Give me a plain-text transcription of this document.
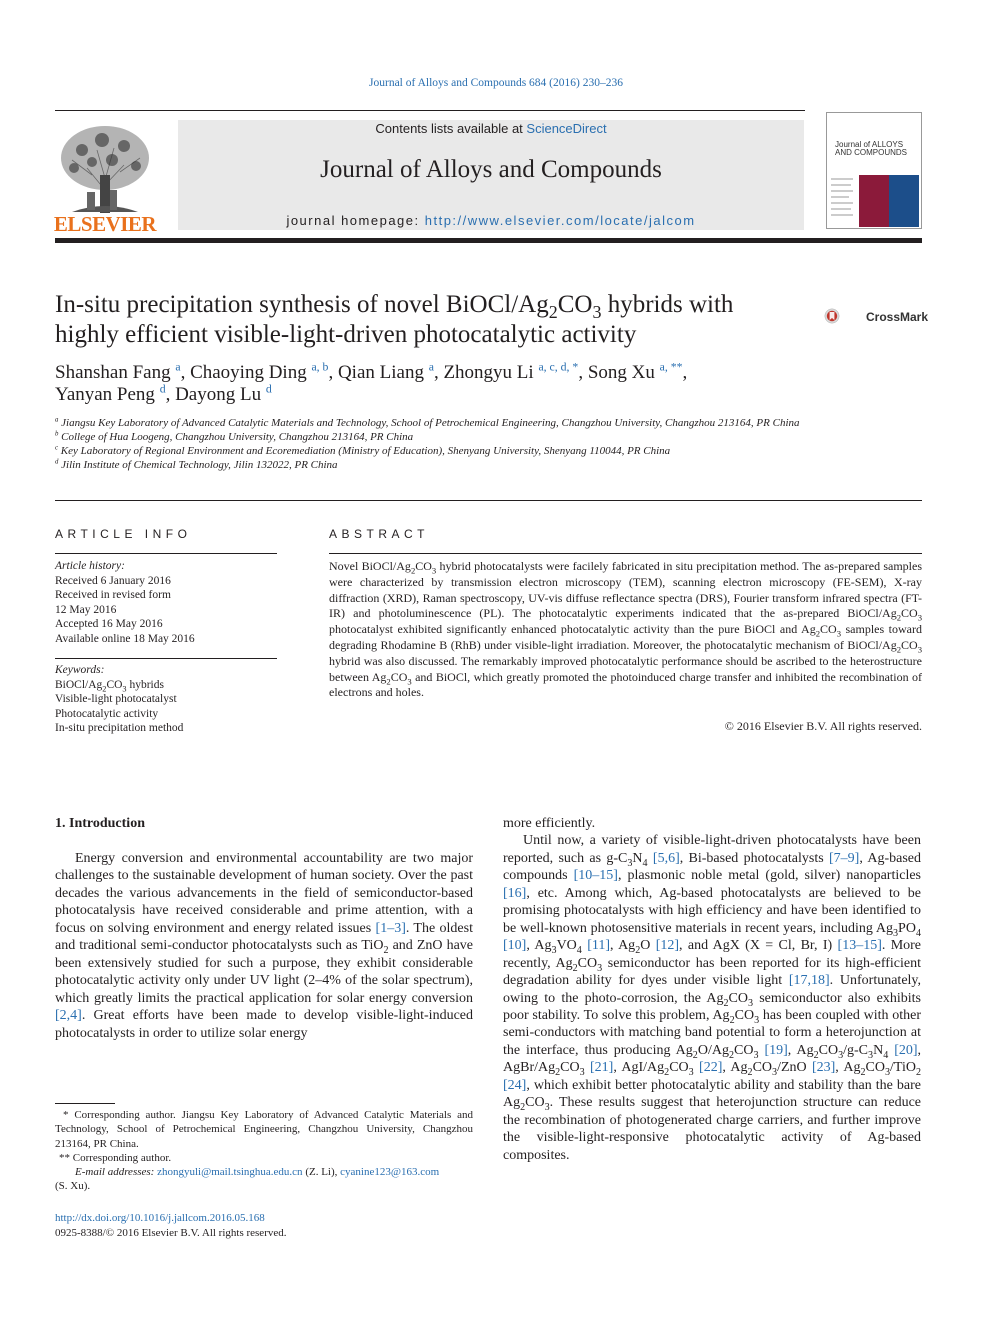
Journal of Alloys and Compounds 684 (2016) 230–236
ELSEVIER
Contents lists available at ScienceDirect
Journal of Alloys and Compounds
journal homepage: http://www.elsevier.com/locate/jalcom
Journal of ALLOYS AND COMPOUNDS
In-situ precipitation synthesis of novel BiOCl/$Ag_2CO_3$ hybrids with highly efficient visible-light-driven photocatalytic activity
CrossMark
Shanshan Fang $^a$, Chaoying Ding $^{a, b}$, Qian Liang $^a$, Zhongyu Li $^{a, c, d, *}$, Song Xu $^{a, **}$,
Yanyan Peng $^d$, Dayong Lu $^d$
$^a$ Jiangsu Key Laboratory of Advanced Catalytic Materials and Technology, School of Petrochemical Engineering, Changzhou University, Changzhou 213164, PR China
$^b$ College of Hua Loogeng, Changzhou University, Changzhou 213164, PR China
$^c$ Key Laboratory of Regional Environment and Ecoremediation (Ministry of Education), Shenyang University, Shenyang 110044, PR China
$^d$ Jilin Institute of Chemical Technology, Jilin 132022, PR China
ARTICLE INFO
Article history:
Received 6 January 2016
Received in revised form
12 May 2016
Accepted 16 May 2016
Available online 18 May 2016
Keywords:
BiOCl/$Ag_2CO_3$ hybrids
Visible-light photocatalyst
Photocatalytic activity
In-situ precipitation method
ABSTRACT
Novel BiOCl/$Ag_2CO_3$ hybrid photocatalysts were facilely fabricated in situ precipitation method. The as-prepared samples were characterized by transmission electron microscopy (TEM), scanning electron microscopy (FE-SEM), X-ray diffraction (XRD), Raman spectroscopy, UV-vis diffuse reflectance spectra (DRS), Fourier transform infrared spectra (FT-IR) and photoluminescence (PL). The photocatalytic experiments indicated that the as-prepared BiOCl/$Ag_2CO_3$ photocatalyst exhibited significantly enhanced photocatalytic activity than the pure BiOCl and $Ag_2CO_3$ samples toward degrading Rhodamine B (RhB) under visible-light irradiation. Moreover, the photocatalytic mechanism of BiOCl/$Ag_2CO_3$ hybrid was also discussed. The remarkably improved photocatalytic performance should be ascribed to the heterostructure between $Ag_2CO_3$ and BiOCl, which greatly promoted the photoinduced charge transfer and inhibited the recombination of electrons and holes.
© 2016 Elsevier B.V. All rights reserved.
1. Introduction
Energy conversion and environmental accountability are two major challenges to the sustainable development of human society. Over the past decades the various advancements in the field of semiconductor-based photocatalysis have received considerable and prime attention, with a focus on solving environment and energy related issues [1–3]. The oldest and traditional semi-conductor photocatalysts such as TiO$_2$ and ZnO have been extensively studied for such a purpose, they exhibit considerable photocatalytic activity only under UV light (2–4% of the solar spectrum), which greatly limits the practical application for solar energy conversion [2,4]. Great efforts have been made to develop visible-light-induced photocatalysts in order to utilize solar energy
more efficiently.
Until now, a variety of visible-light-driven photocatalysts have been reported, such as $g-C_3N_4$ [5,6], Bi-based photocatalysts [7–9], Ag-based compounds [10–15], plasmonic noble metal (gold, silver) nanoparticles [16], etc. Among which, Ag-based photocatalysts are believed to be promising photocatalysts with high efficiency and have been identified to be well-known photosensitive materials in recent years, including $Ag_3PO_4$ [10], $Ag_3VO_4$ [11], $Ag_2O$ [12], and AgX (X = Cl, Br, I) [13–15]. More recently, $Ag_2CO_3$ semiconductor has been reported for its high-efficient degradation ability for dyes under visible light [17,18]. Unfortunately, owing to the photo-corrosion, the $Ag_2CO_3$ semiconductor also exhibits poor stability. To solve this problem, $Ag_2CO_3$ has been coupled with other semi-conductors with matching band potential to form a heterojunction at the interface, thus producing $Ag_2O/Ag_2CO_3$ [19], $Ag_2CO_3/g-C_3N_4$ [20], AgBr/$Ag_2CO_3$ [21], AgI/$Ag_2CO_3$ [22], $Ag_2CO_3$/ZnO [23], $Ag_2CO_3/TiO_2$ [24], which exhibit better photocatalytic ability and stability than the bare $Ag_2CO_3$. These results suggest that heterojunction structure can reduce the recombination of photogenerated charge carriers, and further improve the visible-light-responsive photocatalytic activity of Ag-based composites.
* Corresponding author. Jiangsu Key Laboratory of Advanced Catalytic Materials and Technology, School of Petrochemical Engineering, Changzhou University, Changzhou 213164, PR China.
** Corresponding author.
E-mail addresses: zhongyuli@mail.tsinghua.edu.cn (Z. Li), cyanine123@163.com
(S. Xu).
http://dx.doi.org/10.1016/j.jallcom.2016.05.168
0925-8388/© 2016 Elsevier B.V. All rights reserved.
